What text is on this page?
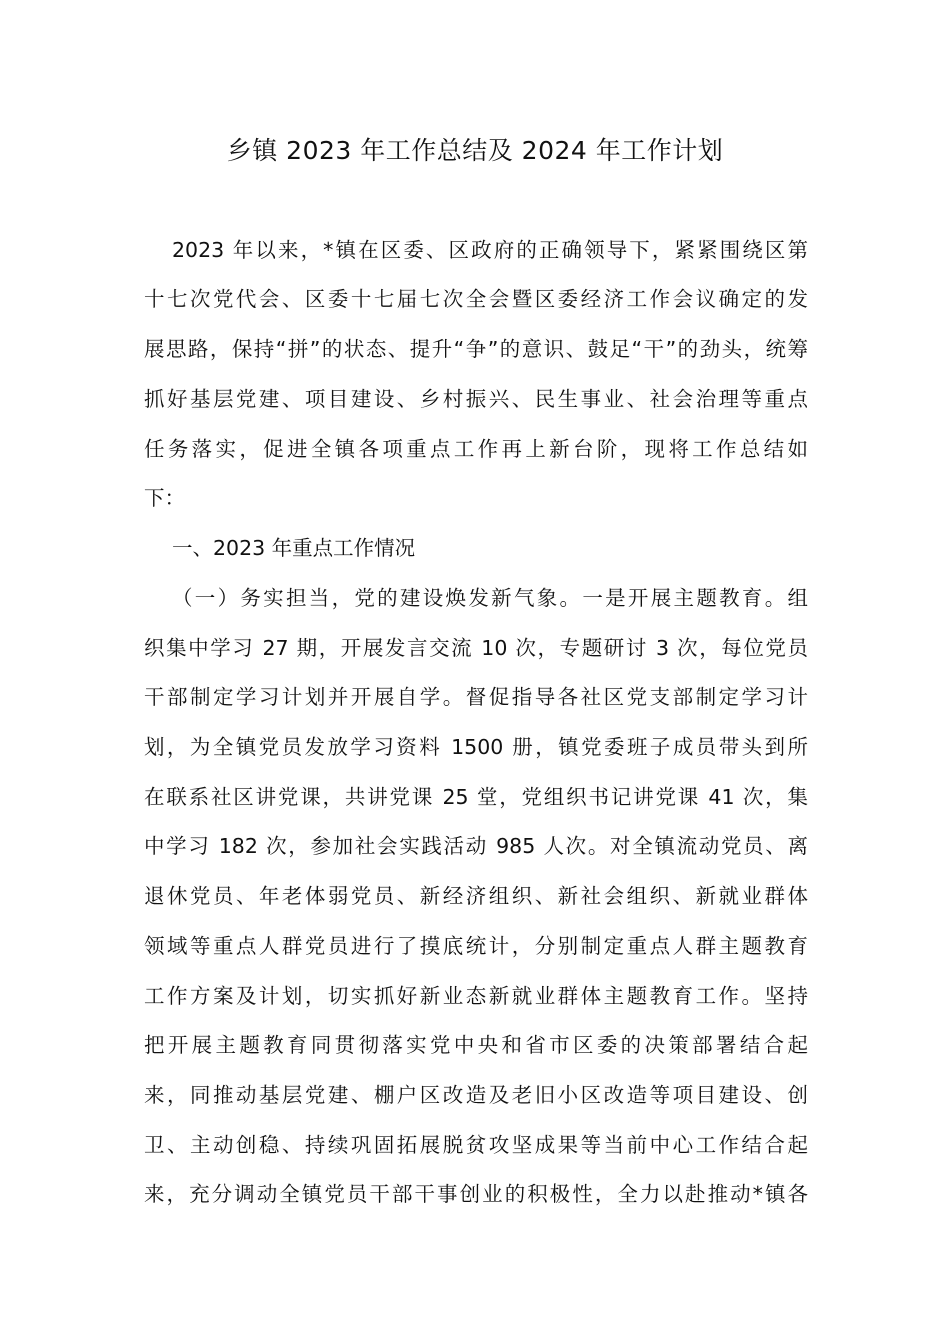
乡镇 2023 年工作总结及 2024 年工作计划
2023 年以来，*镇在区委、区政府的正确领导下，紧紧围绕区第
十七次党代会、区委十七届七次全会暨区委经济工作会议确定的发
展思路，保持“拼”的状态、提升“争”的意识、鼓足“干”的劲头，统筹
抓好基层党建、项目建设、乡村振兴、民生事业、社会治理等重点
任务落实，促进全镇各项重点工作再上新台阶，现将工作总结如
下：
一、2023 年重点工作情况
（一）务实担当，党的建设焕发新气象。一是开展主题教育。组
织集中学习 27 期，开展发言交流 10 次，专题研讨 3 次，每位党员
干部制定学习计划并开展自学。督促指导各社区党支部制定学习计
划，为全镇党员发放学习资料 1500 册，镇党委班子成员带头到所
在联系社区讲党课，共讲党课 25 堂，党组织书记讲党课 41 次，集
中学习 182 次，参加社会实践活动 985 人次。对全镇流动党员、离
退休党员、年老体弱党员、新经济组织、新社会组织、新就业群体
领域等重点人群党员进行了摸底统计，分别制定重点人群主题教育
工作方案及计划，切实抓好新业态新就业群体主题教育工作。坚持
把开展主题教育同贯彻落实党中央和省市区委的决策部署结合起
来，同推动基层党建、棚户区改造及老旧小区改造等项目建设、创
卫、主动创稳、持续巩固拓展脱贫攻坚成果等当前中心工作结合起
来，充分调动全镇党员干部干事创业的积极性，全力以赴推动*镇各
